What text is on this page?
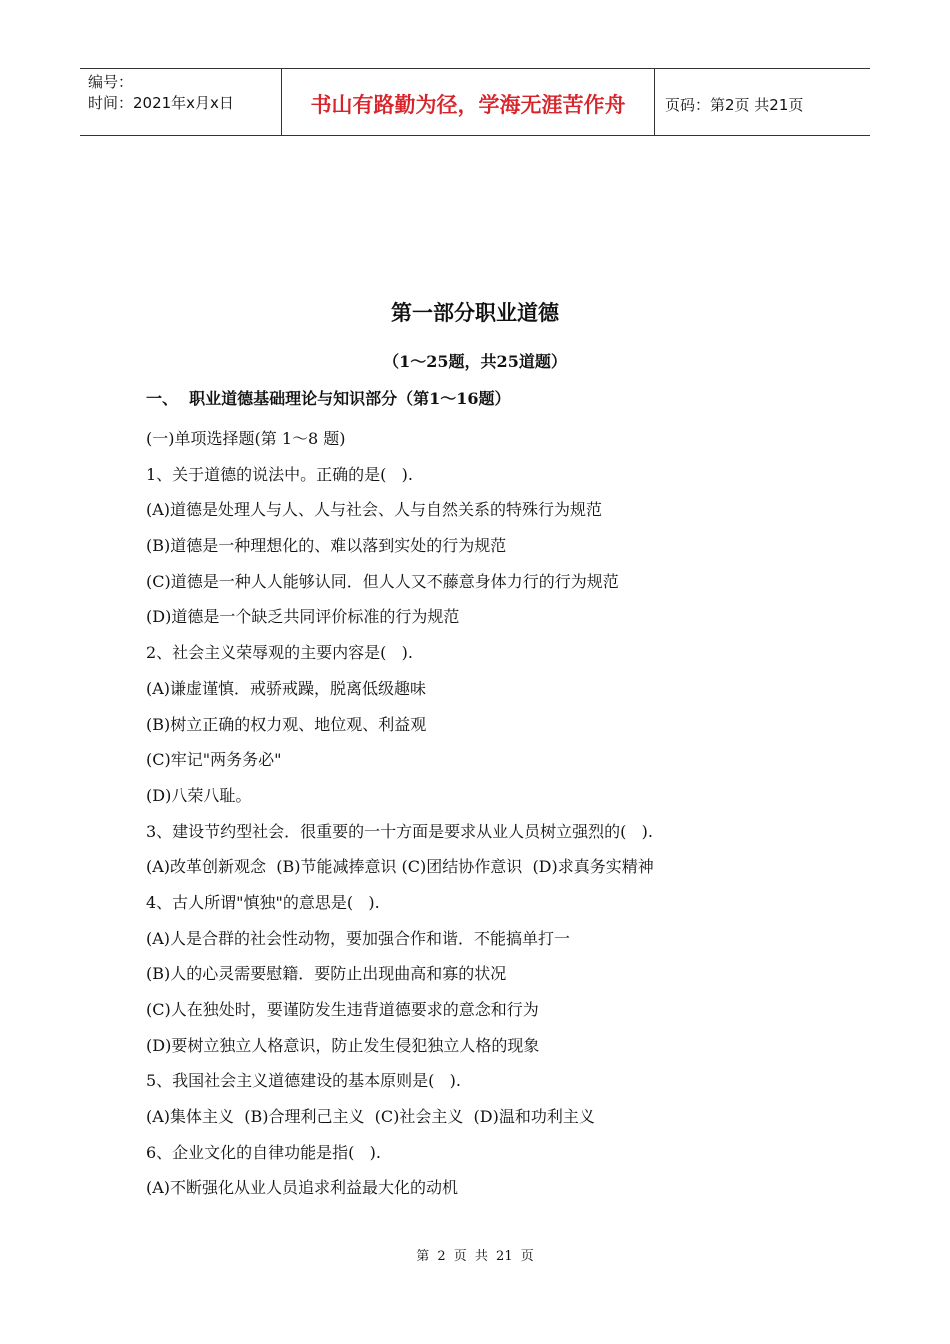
编号：
时间：2021年x月x日	书山有路勤为径，学海无涯苦作舟	页码：第2页 共21页
第一部分职业道德
（1～25题，共25道题）
一、  职业道德基础理论与知识部分（第1～16题）
(一)单项选择题(第 1～8 题)
1、关于道德的说法中。正确的是(   ).
(A)道德是处理人与人、人与社会、人与自然关系的特殊行为规范
(B)道德是一种理想化的、难以落到实处的行为规范
(C)道德是一种人人能够认同．但人人又不藤意身体力行的行为规范
(D)道德是一个缺乏共同评价标准的行为规范
2、社会主义荣辱观的主要内容是(   ).
(A)谦虚谨慎．戒骄戒躁，脱离低级趣味
(B)树立正确的权力观、地位观、利益观
(C)牢记"两务务必"
(D)八荣八耻。
3、建设节约型社会．很重要的一十方面是要求从业人员树立强烈的(   ).
(A)改革创新观念  (B)节能减捧意识 (C)团结协作意识  (D)求真务实精神
4、古人所谓"慎独"的意思是(   ).
(A)人是合群的社会性动物，要加强合作和谐．不能搞单打一
(B)人的心灵需要慰籍．要防止出现曲高和寡的状况
(C)人在独处时，要谨防发生违背道德要求的意念和行为
(D)要树立独立人格意识，防止发生侵犯独立人格的现象
5、我国社会主义道德建设的基本原则是(   ).
(A)集体主义  (B)合理利己主义  (C)社会主义  (D)温和功利主义
6、企业文化的自律功能是指(   ).
(A)不断强化从业人员追求利益最大化的动机
第 2 页 共 21 页
